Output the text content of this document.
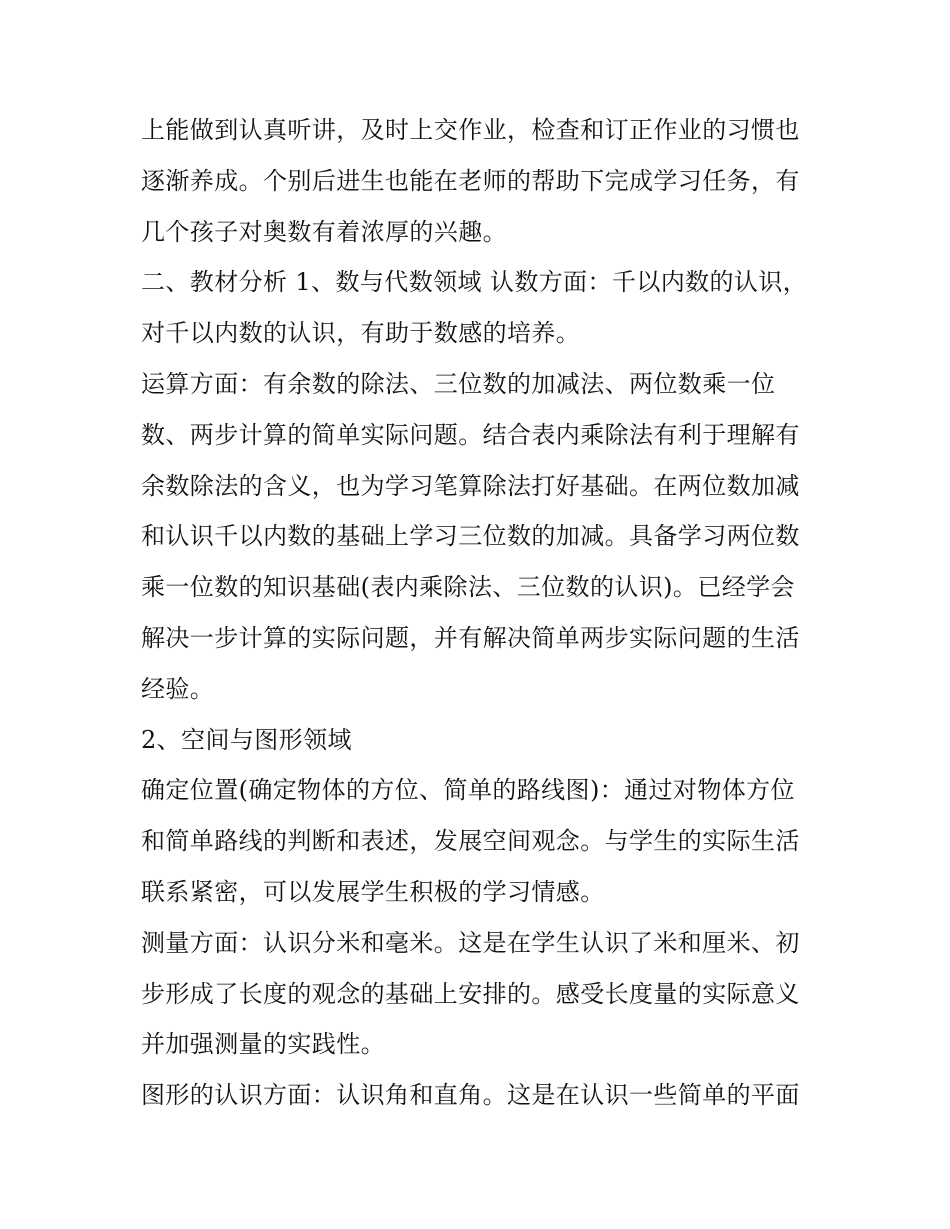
上能做到认真听讲，及时上交作业，检查和订正作业的习惯也
逐渐养成。个别后进生也能在老师的帮助下完成学习任务，有
几个孩子对奥数有着浓厚的兴趣。
二、教材分析 1、数与代数领域 认数方面：千以内数的认识，
对千以内数的认识，有助于数感的培养。
运算方面：有余数的除法、三位数的加减法、两位数乘一位
数、两步计算的简单实际问题。结合表内乘除法有利于理解有
余数除法的含义，也为学习笔算除法打好基础。在两位数加减
和认识千以内数的基础上学习三位数的加减。具备学习两位数
乘一位数的知识基础(表内乘除法、三位数的认识)。已经学会
解决一步计算的实际问题，并有解决简单两步实际问题的生活
经验。
2、空间与图形领域
确定位置(确定物体的方位、简单的路线图)：通过对物体方位
和简单路线的判断和表述，发展空间观念。与学生的实际生活
联系紧密，可以发展学生积极的学习情感。
测量方面：认识分米和毫米。这是在学生认识了米和厘米、初
步形成了长度的观念的基础上安排的。感受长度量的实际意义
并加强测量的实践性。
图形的认识方面：认识角和直角。这是在认识一些简单的平面
